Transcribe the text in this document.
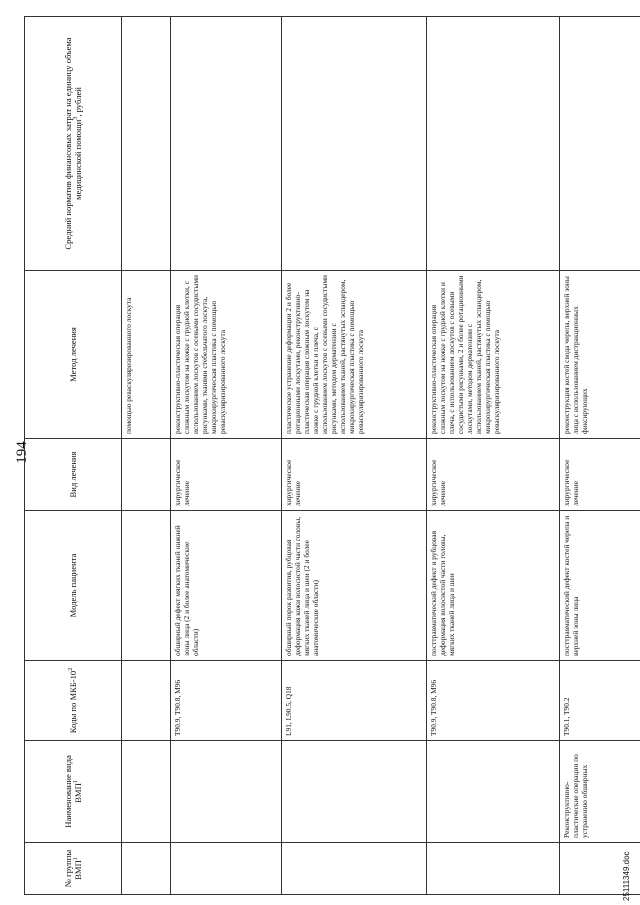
194
№ группы ВМП$^1$	Наименование вида ВМП$^1$	Коды по МКБ-$10^2$	Модель пациента	Вид лечения	Метод лечения	Средний норматив финансовых затрат на единицу объема медицинской помощи$^3$, рублей
					помощью реваскуляризированного лоскута	
		T90.9, T90.8, M96	обширный дефект мягких тканей нижней зоны лица (2 и более анатомические области)	хирургическое лечение	реконструктивно-пластическая операция сложным лоскутом на ножке с грудной клетки, с использованием лоскутов с осевыми сосудистыми рисунками, тканями стебельчатого лоскута, микрохирургическая пластика с помощью реваскуляризированного лоскута	
		L91, L90.5, Q18	обширный порок развития, рубцовая деформация кожи волосистой части головы, мягких тканей лица и шеи (2 и более анатомические области)	хирургическое лечение	пластическое устранение деформации 2 и более ротационными лоскутами, реконструктивно-пластическая операция сложным лоскутом на ножке с грудной клетки и плеча, с использованием лоскутов с осевыми сосудистыми рисунками, методом дерматензии с использованием тканей, растянутых эспандером, микрохирургическая пластика с помощью реваскуляризированного лоскута	
		T90.9, T90.8, M96	посттравматический дефект и рубцовая деформация волосистой части головы, мягких тканей лица и шеи	хирургическое лечение	реконструктивно-пластическая операция сложным лоскутом на ножке с грудной клетки и плеча, с использованием лоскутов с осевыми сосудистыми рисунками, 2 и более ротационными лоскутами, методом дерматензии с использованием тканей, растянутых эспандером, микрохирургическая пластика с помощью реваскуляризированного лоскута	
	Реконструктивно-пластические операции по устранению обширных	T90.1, T90.2	посттравматический дефект костей черепа и верхней зоны лица	хирургическое лечение	реконструкция костей свода черепа, верхней зоны лица с использованием дистракционных фиксирующих	
25111349.doc
